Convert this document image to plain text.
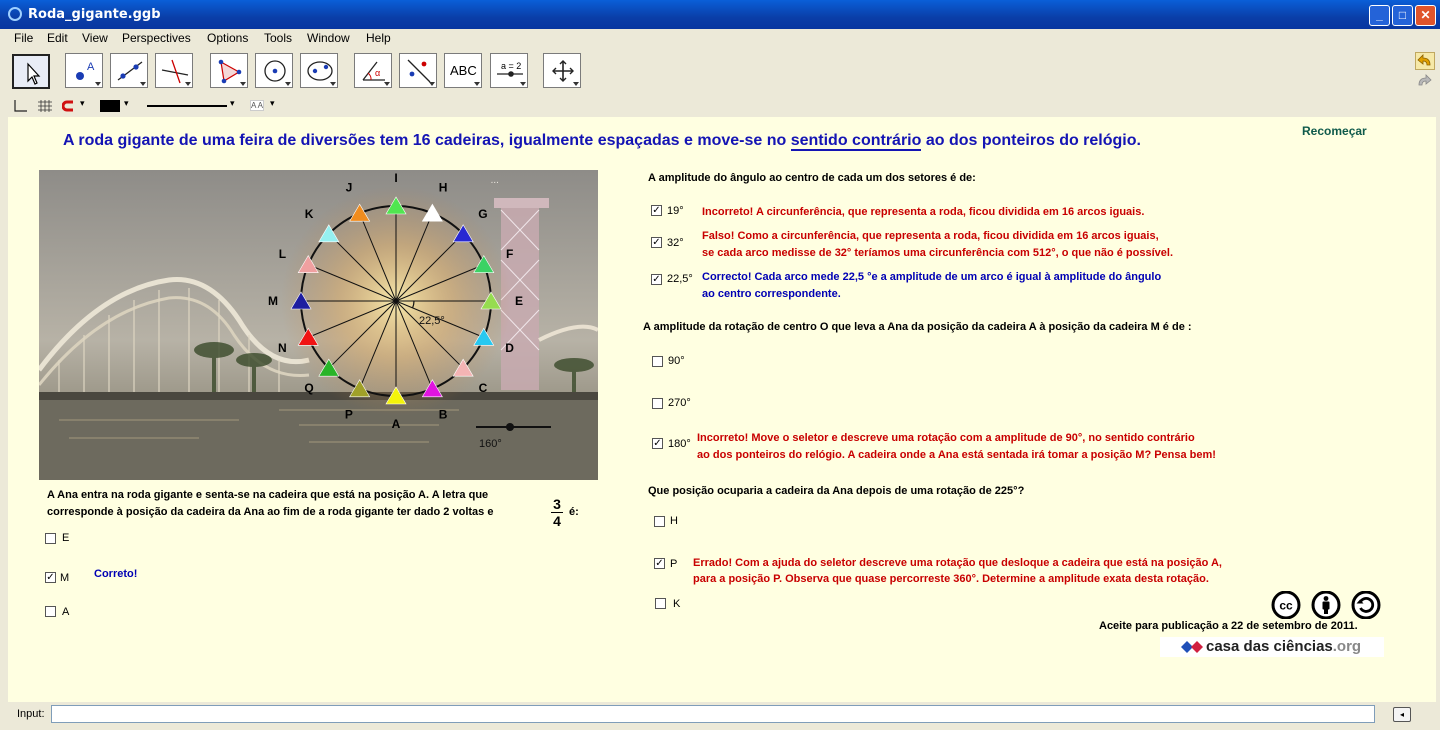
Roda_gigante.ggb	_	□	✕
File Edit View Perspectives Options Tools Window Help
A	α	ABC	a = 2
▾	▾	▾ A A ▾
A roda gigante de uma feira de diversões tem 16 cadeiras, igualmente espaçadas e move-se no sentido contrário ao dos ponteiros do relógio.
Recomeçar
22,5°
...
A
B
C
D
E
F
G
H
I
J
K
L
M
N
Q
P
160°
A Ana entra na roda gigante e senta-se na cadeira que está na posição A. A letra que
corresponde à posição da cadeira da Ana ao fim de a roda gigante ter dado 2 voltas e	$\frac{3}{4}$ é:
E
✓ M Correto!
A
A amplitude do ângulo ao centro de cada um dos setores é de:
✓ 19° Incorreto! A circunferência, que representa a roda, ficou dividida em 16 arcos iguais.
✓ 32°
Falso! Como a circunferência, que representa a roda, ficou dividida em 16 arcos iguais,
se cada arco medisse de 32° teríamos uma circunferência com 512°, o que não é possível.
✓ 22,5° Correcto! Cada arco mede 22,5 °e a amplitude de um arco é igual à amplitude do ângulo
ao centro correspondente.
A amplitude da rotação de centro O que leva a Ana da posição da cadeira A à posição da cadeira M é de :
90°
270°
✓ 180° Incorreto! Move o seletor e descreve uma rotação com a amplitude de 90°, no sentido contrário
ao dos ponteiros do relógio. A cadeira onde a Ana está sentada irá tomar a posição M? Pensa bem!
Que posição ocuparia a cadeira da Ana depois de uma rotação de 225°?
H
✓ P Errado! Com a ajuda do seletor descreve uma rotação que desloque a cadeira que está na posição A,
para a posição P. Observa que quase percorreste 360°. Determine a amplitude exata desta rotação.
K	cc
Aceite para publicação a 22 de setembro de 2011.
casa das ciências.org
Input:	◂
